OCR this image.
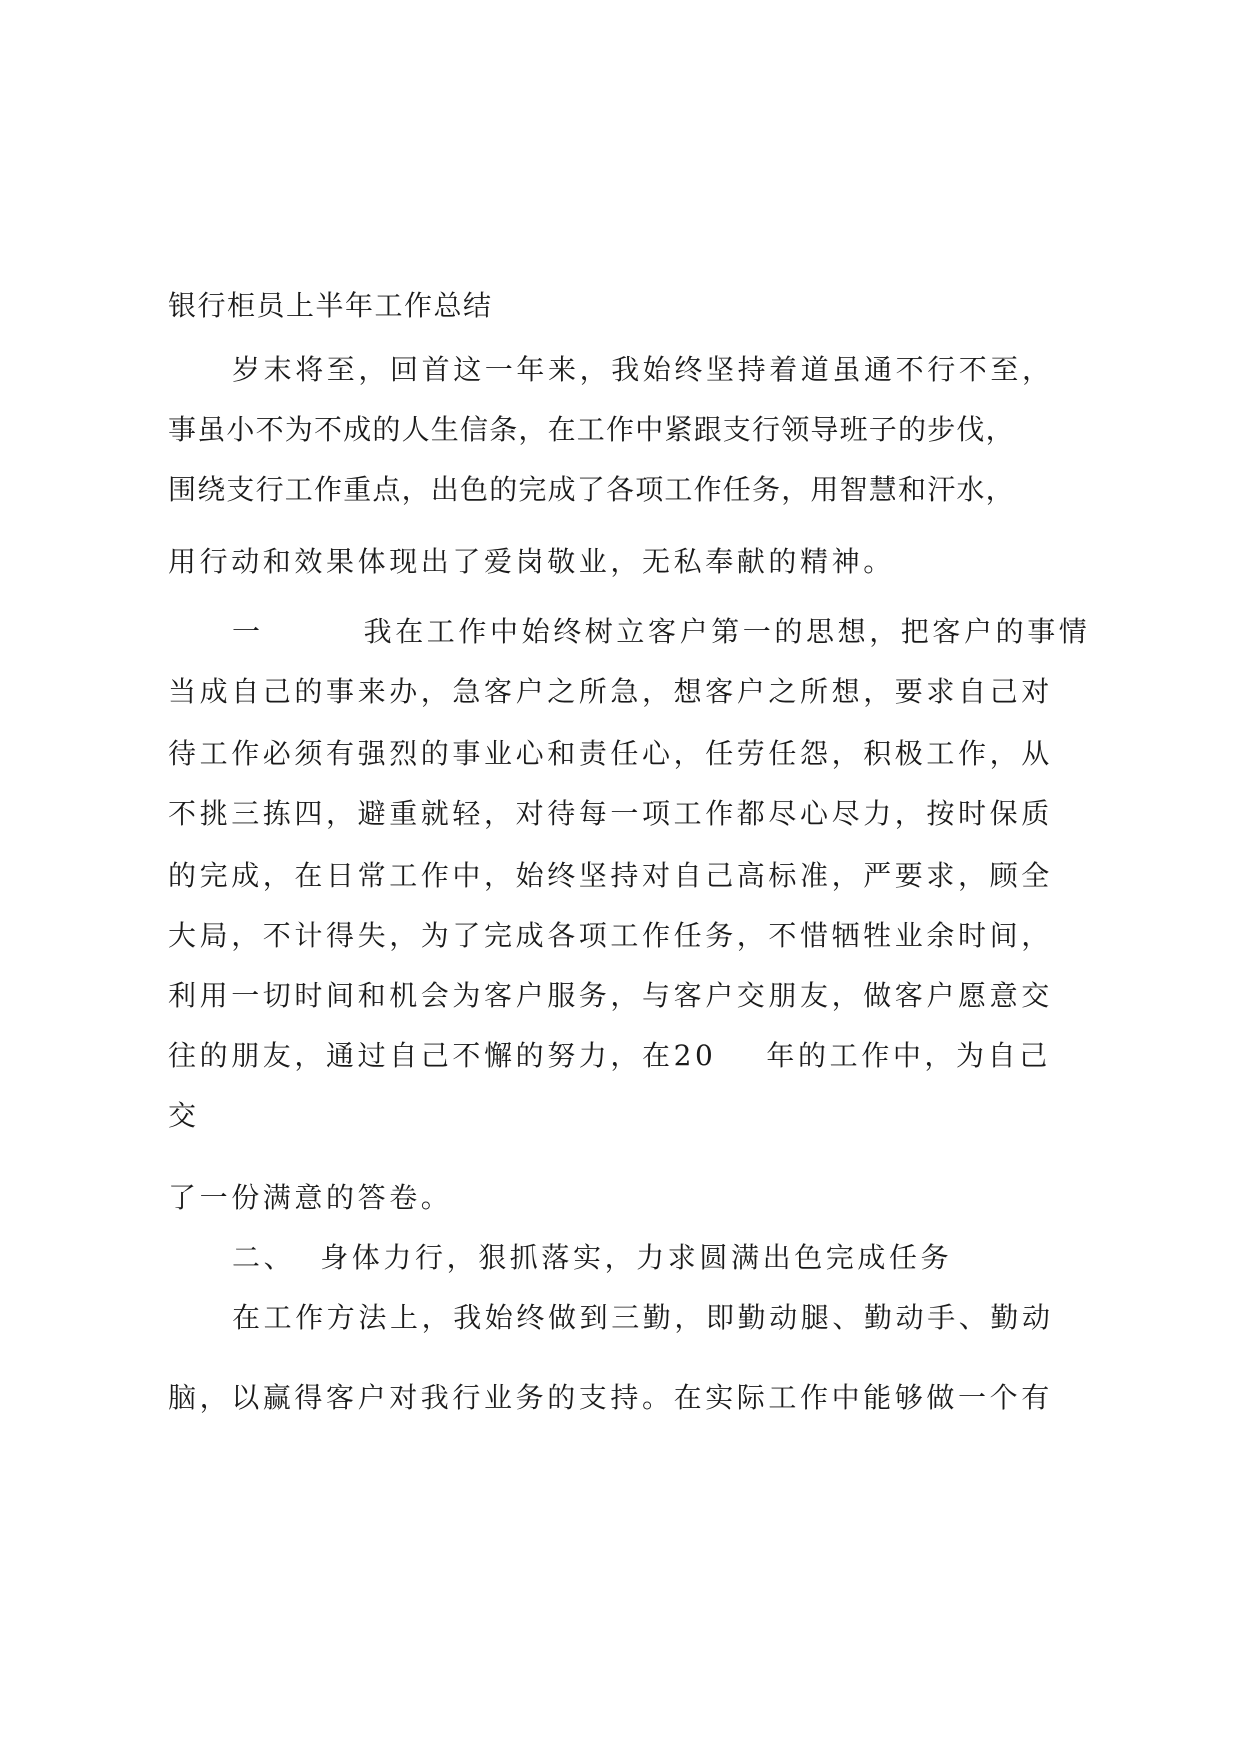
银行柜员上半年工作总结
岁末将至，回首这一年来，我始终坚持着道虽通不行不至，
事虽小不为不成的人生信条，在工作中紧跟支行领导班子的步伐，
围绕支行工作重点，出色的完成了各项工作任务，用智慧和汗水，
用行动和效果体现出了爱岗敬业，无私奉献的精神。
一        我在工作中始终树立客户第一的思想，把客户的事情
当成自己的事来办，急客户之所急，想客户之所想，要求自己对
待工作必须有强烈的事业心和责任心，任劳任怨，积极工作，从
不挑三拣四，避重就轻，对待每一项工作都尽心尽力，按时保质
的完成，在日常工作中，始终坚持对自己高标准，严要求，顾全
大局，不计得失，为了完成各项工作任务，不惜牺牲业余时间，
利用一切时间和机会为客户服务，与客户交朋友，做客户愿意交
往的朋友，通过自己不懈的努力，在20    年的工作中，为自己
交
了一份满意的答卷。
二、  身体力行，狠抓落实，力求圆满出色完成任务
在工作方法上，我始终做到三勤，即勤动腿、勤动手、勤动
脑，以赢得客户对我行业务的支持。在实际工作中能够做一个有
